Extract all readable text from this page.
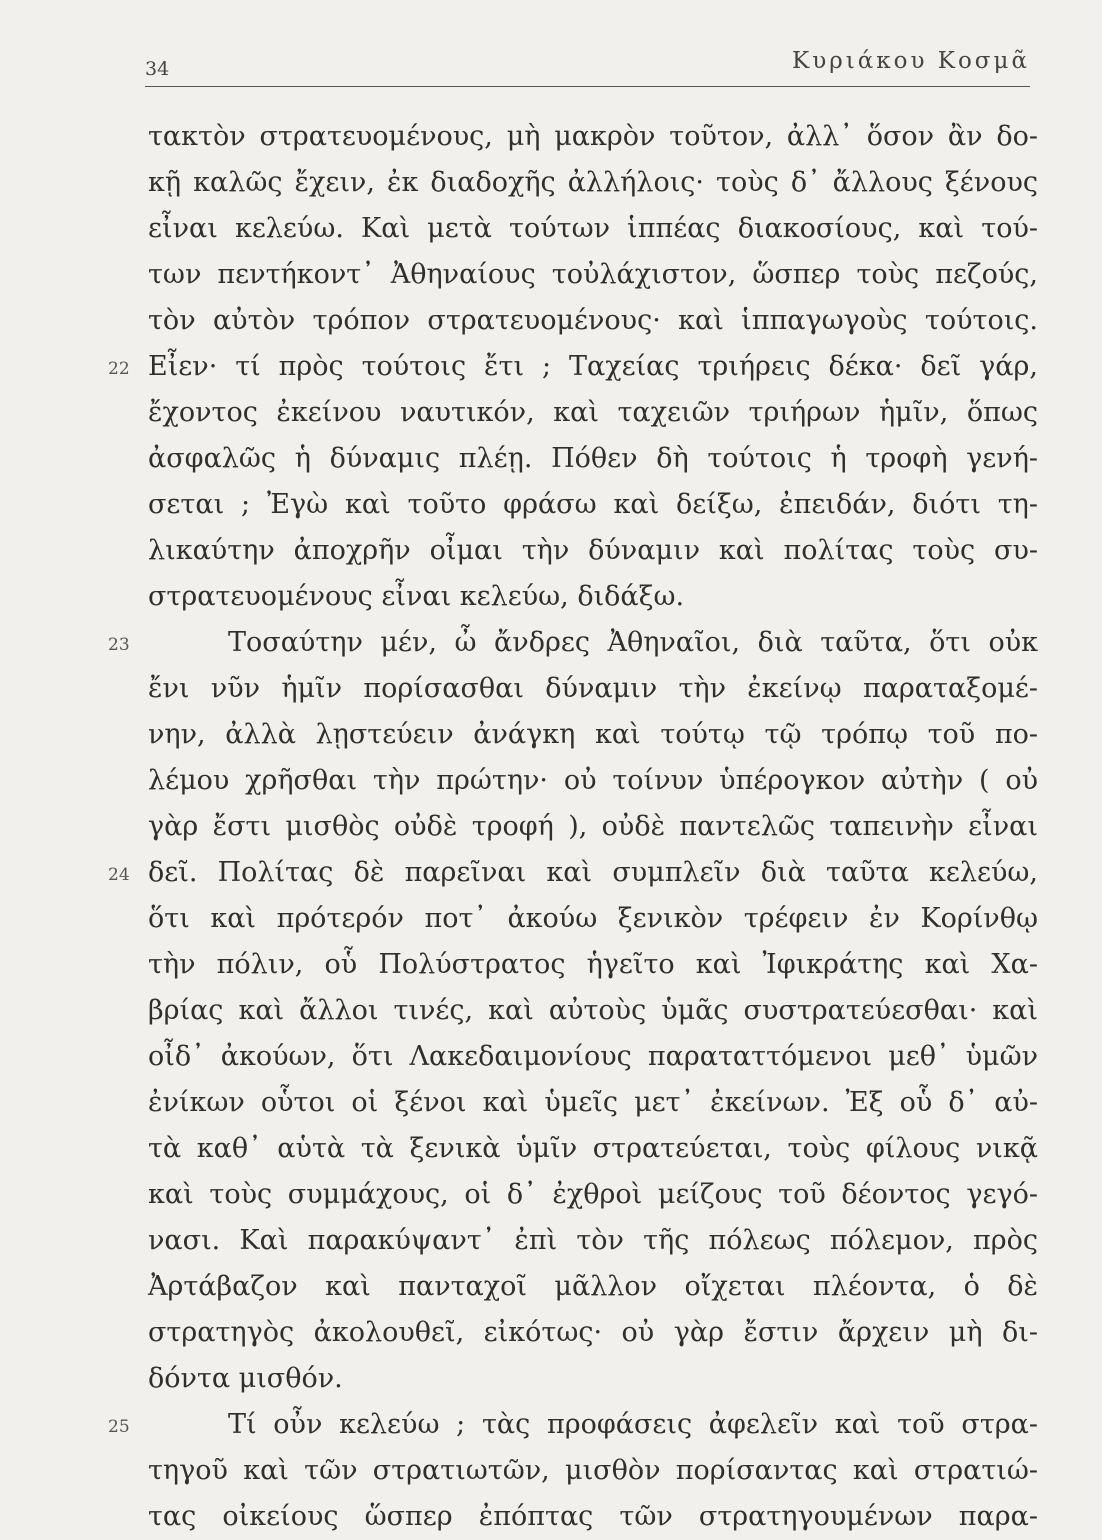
34	Κυριάκου Κοσμᾶ
τακτὸν στρατευομένους, μὴ μακρὸν τοῦτον, ἀλλ᾽ ὅσον ἂν δο-
κῇ καλῶς ἔχειν, ἐκ διαδοχῆς ἀλλήλοις· τοὺς δ᾽ ἄλλους ξένους
εἶναι κελεύω. Καὶ μετὰ τούτων ἱππέας διακοσίους, καὶ τού-
των πεντήκοντ᾽ Ἀθηναίους τοὐλάχιστον, ὥσπερ τοὺς πεζούς,
τὸν αὐτὸν τρόπον στρατευομένους· καὶ ἱππαγωγοὺς τούτοις.
22 Εἶεν· τί πρὸς τούτοις ἔτι ; Ταχείας τριήρεις δέκα· δεῖ γάρ,
ἔχοντος ἐκείνου ναυτικόν, καὶ ταχειῶν τριήρων ἡμῖν, ὅπως
ἀσφαλῶς ἡ δύναμις πλέῃ. Πόθεν δὴ τούτοις ἡ τροφὴ γενή-
σεται ; Ἐγὼ καὶ τοῦτο φράσω καὶ δείξω, ἐπειδάν, διότι τη-
λικαύτην ἀποχρῆν οἶμαι τὴν δύναμιν καὶ πολίτας τοὺς συ-
στρατευομένους εἶναι κελεύω, διδάξω.
23	Τοσαύτην μέν, ὦ ἄνδρες Ἀθηναῖοι, διὰ ταῦτα, ὅτι οὐκ
ἔνι νῦν ἡμῖν πορίσασθαι δύναμιν τὴν ἐκείνῳ παραταξομέ-
νην, ἀλλὰ λῃστεύειν ἀνάγκη καὶ τούτῳ τῷ τρόπῳ τοῦ πο-
λέμου χρῆσθαι τὴν πρώτην· οὐ τοίνυν ὑπέρογκον αὐτὴν ( οὐ
γὰρ ἔστι μισθὸς οὐδὲ τροφή ), οὐδὲ παντελῶς ταπεινὴν εἶναι
24 δεῖ. Πολίτας δὲ παρεῖναι καὶ συμπλεῖν διὰ ταῦτα κελεύω,
ὅτι καὶ πρότερόν ποτ᾽ ἀκούω ξενικὸν τρέφειν ἐν Κορίνθῳ
τὴν πόλιν, οὗ Πολύστρατος ἡγεῖτο καὶ Ἰφικράτης καὶ Χα-
βρίας καὶ ἄλλοι τινές, καὶ αὐτοὺς ὑμᾶς συστρατεύεσθαι· καὶ
οἶδ᾽ ἀκούων, ὅτι Λακεδαιμονίους παραταττόμενοι μεθ᾽ ὑμῶν
ἐνίκων οὗτοι οἱ ξένοι καὶ ὑμεῖς μετ᾽ ἐκείνων. Ἐξ οὗ δ᾽ αὐ-
τὰ καθ᾽ αὑτὰ τὰ ξενικὰ ὑμῖν στρατεύεται, τοὺς φίλους νικᾷ
καὶ τοὺς συμμάχους, οἱ δ᾽ ἐχθροὶ μείζους τοῦ δέοντος γεγό-
νασι. Καὶ παρακύψαντ᾽ ἐπὶ τὸν τῆς πόλεως πόλεμον, πρὸς
Ἀρτάβαζον καὶ πανταχοῖ μᾶλλον οἴχεται πλέοντα, ὁ δὲ
στρατηγὸς ἀκολουθεῖ, εἰκότως· οὐ γὰρ ἔστιν ἄρχειν μὴ δι-
δόντα μισθόν.
25	Τί οὖν κελεύω ; τὰς προφάσεις ἀφελεῖν καὶ τοῦ στρα-
τηγοῦ καὶ τῶν στρατιωτῶν, μισθὸν πορίσαντας καὶ στρατιώ-
τας οἰκείους ὥσπερ ἐπόπτας τῶν στρατηγουμένων παρα-
